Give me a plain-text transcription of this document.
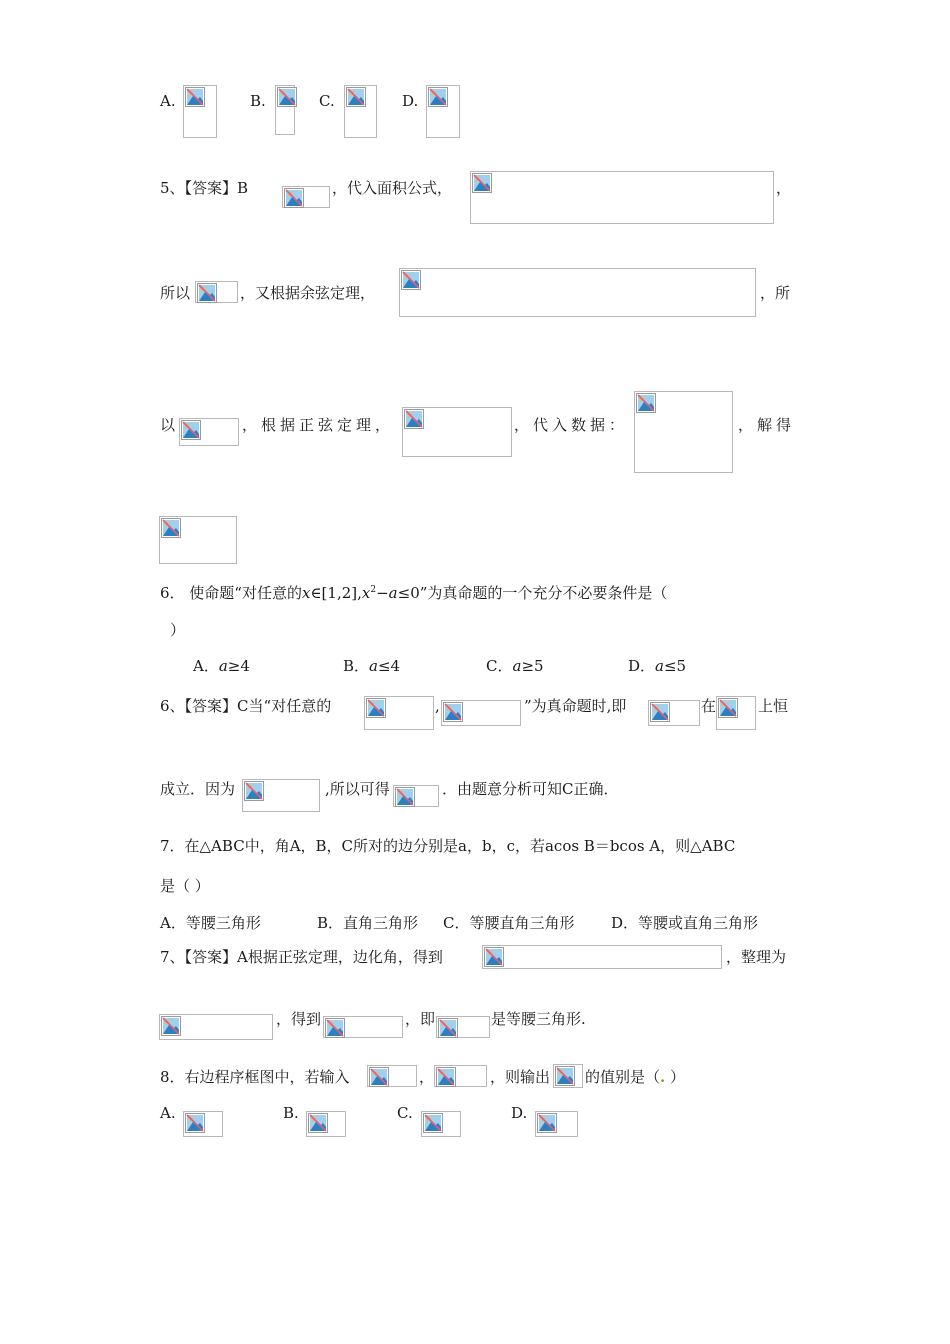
A.	B.	C.	D.
5、【答案】B	，代入面积公式，	，
所以	，又根据余弦定理，	，所
以	，根据正弦定理，	，代入数据：	，解得
6． 使命题“对任意的$x\in[1,2],x^2-a\le 0$”为真命题的一个充分不必要条件是（
）
A．a≥4	B．a≤4	C．a≥5	D．a≤5
6、【答案】C当“对任意的	,	”为真命题时,即	在	上恒
成立．因为	,所以可得	．由题意分析可知C正确．
7．在△ABC中，角A，B，C所对的边分别是a，b，c，若acos B＝bcos A，则△ABC
是（ ）
A．等腰三角形	B．直角三角形 C．等腰直角三角形 D．等腰或直角三角形
7、【答案】A根据正弦定理，边化角，得到	，整理为
，得到	，即	是等腰三角形.
8．右边程序框图中，若输入	，	，则输出 的值别是（. ）
A.	B.	C.	D.
